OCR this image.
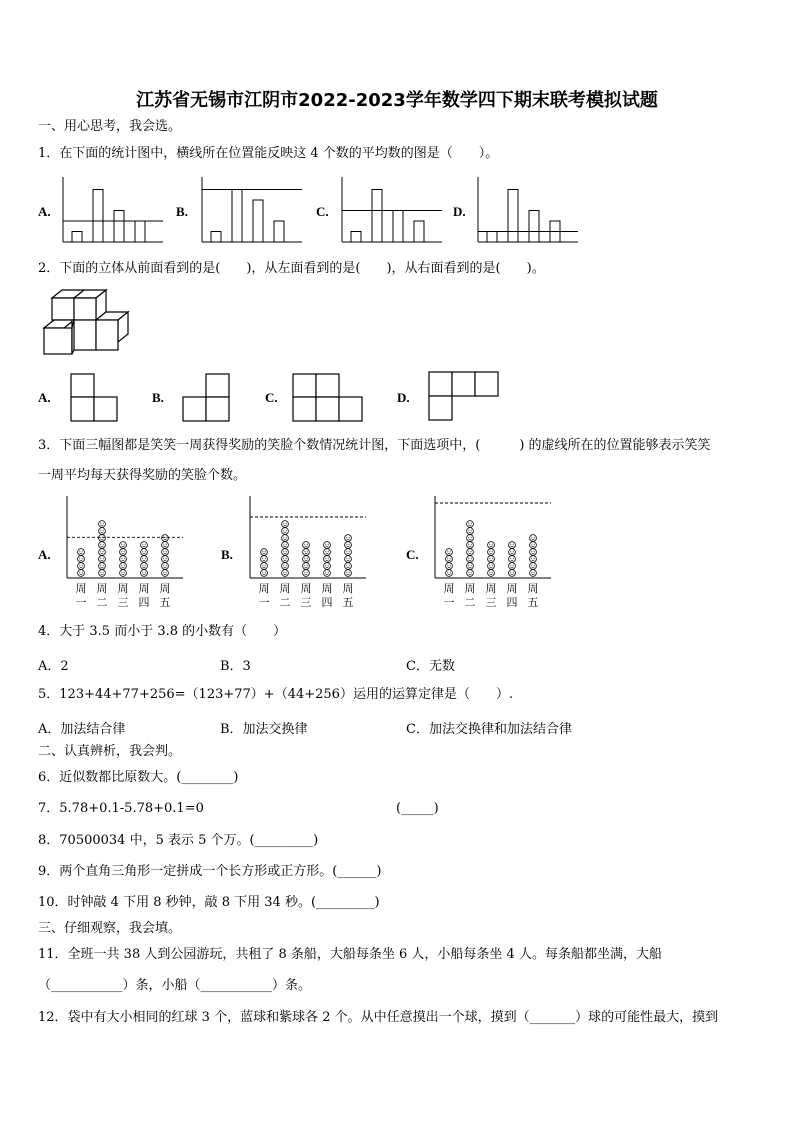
江苏省无锡市江阴市2022-2023学年数学四下期末联考模拟试题
一、用心思考，我会选。
1．在下面的统计图中，横线所在位置能反映这 4 个数的平均数的图是（　　）。
A.	B.	C.	D.
2．下面的立体从前面看到的是(　　)，从左面看到的是(　　)，从右面看到的是(　　)。
A.	B.	C.	D.
3．下面三幅图都是笑笑一周获得奖励的笑脸个数情况统计图，下面选项中，(　　　) 的虚线所在的位置能够表示笑笑
一周平均每天获得奖励的笑脸个数。
A.	B.	C.
周
一
周
二
周
三
周
四
周
五
周
一
周
二
周
三
周
四
周
五
周
一
周
二
周
三
周
四
周
五
4．大于 3.5 而小于 3.8 的小数有（　　）
A．2	B．3	C．无数
5．123+44+77+256=（123+77）+（44+256）运用的运算定律是（　　）.
A．加法结合律	B．加法交换律	C．加法交换律和加法结合律
二、认真辨析，我会判。
6．近似数都比原数大。(________)
7．5.78+0.1-5.78+0.1=0	(_____)
8．70500034 中，5 表示 5 个万。(_________)
9．两个直角三角形一定拼成一个长方形或正方形。(______)
10．时钟敲 4 下用 8 秒钟，敲 8 下用 34 秒。(_________)
三、仔细观察，我会填。
11．全班一共 38 人到公园游玩，共租了 8 条船，大船每条坐 6 人，小船每条坐 4 人。每条船都坐满，大船
（___________）条，小船（___________）条。
12．袋中有大小相同的红球 3 个，蓝球和紫球各 2 个。从中任意摸出一个球，摸到（_______）球的可能性最大，摸到
